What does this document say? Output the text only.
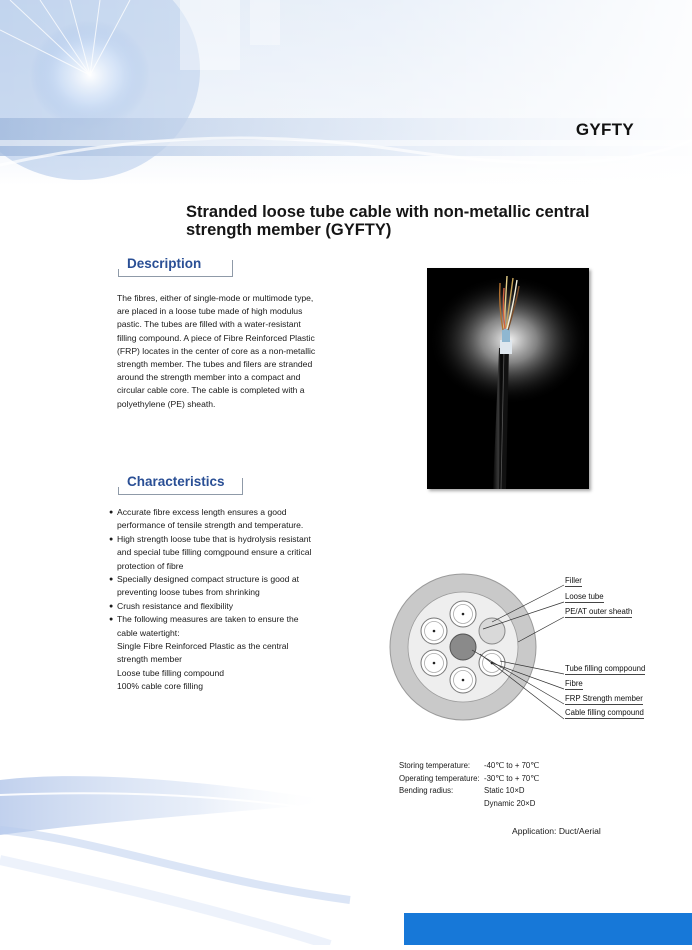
GYFTY
Stranded loose tube cable with non-metallic central
strength member (GYFTY)
Description

The fibres, either of single-mode or multimode type,

are placed in a loose tube made of high modulus

pastic. The tubes are filled with a water-resistant

filling compound. A piece of Fibre Reinforced Plastic

(FRP) locates in the center of core as a non-metallic

strength member. The tubes and filers are stranded

around the strength member into a compact and

circular cable core. The cable is completed with a

polyethylene (PE) sheath.

Characteristics
● Accurate fibre excess length ensures a good
performance of tensile strength and temperature.
● High strength loose tube that is hydrolysis resistant
and special tube filling comgpound ensure a critical
protection of fibre
● Specially designed compact structure is good at
preventing loose tubes from shrinking
● Crush resistance and flexibility
● The following measures are taken to ensure the
cable watertight:
Single Fibre Reinforced Plastic as the central
strength member
Loose tube filling compound
100% cable core filling
Filler
Loose tube
PE/AT outer sheath
Tube filling comppound
Fibre
FRP Strength member
Cable filling compound
Storing temperature:	-40℃ to + 70℃
Operating temperature: -30℃ to + 70℃
Bending radius:	Static 10×D
Dynamic 20×D
Application: Duct/Aerial
